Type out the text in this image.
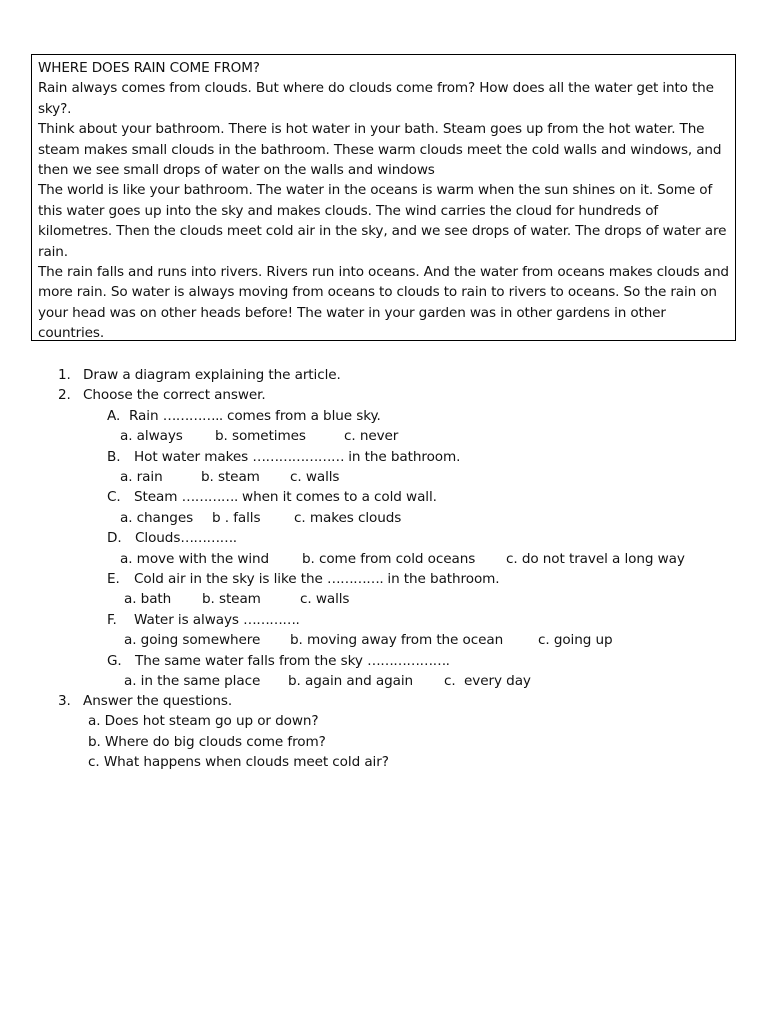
WHERE DOES RAIN COME FROM?

Rain always comes from clouds. But where do clouds come from? How does all the water get into the sky?.

Think about your bathroom. There is hot water in your bath. Steam goes up from the hot water. The steam makes small clouds in the bathroom. These warm clouds meet the cold walls and windows, and then we see small drops of water on the walls and windows

The world is like your bathroom. The water in the oceans is warm when the sun shines on it. Some of this water goes up into the sky and makes clouds. The wind carries the cloud for hundreds of kilometres. Then the clouds meet cold air in the sky, and we see drops of water. The drops of water are rain.

The rain falls and runs into rivers. Rivers run into oceans. And the water from oceans makes clouds and more rain. So water is always moving from oceans to clouds to rain to rivers to oceans. So the rain on your head was on other heads before! The water in your garden was in other gardens in other countries.

1. Draw a diagram explaining the article.
2. Choose the correct answer.
A. Rain ………….. comes from a blue sky.
a. always b. sometimes	c. never
B. Hot water makes ………………… in the bathroom.
a. rain	b. steam c. walls
C. Steam …………. when it comes to a cold wall.
a. changes b . falls c. makes clouds
D. Clouds………….
a. move with the wind b. come from cold oceans c. do not travel a long way
E. Cold air in the sky is like the …………. in the bathroom.
a. bath b. steam	c. walls
F. Water is always ………….
a. going somewhere b. moving away from the ocean	c. going up
G. The same water falls from the sky ……………….
a. in the same place b. again and again c.  every day
3. Answer the questions.
a. Does hot steam go up or down?
b. Where do big clouds come from?
c. What happens when clouds meet cold air?
